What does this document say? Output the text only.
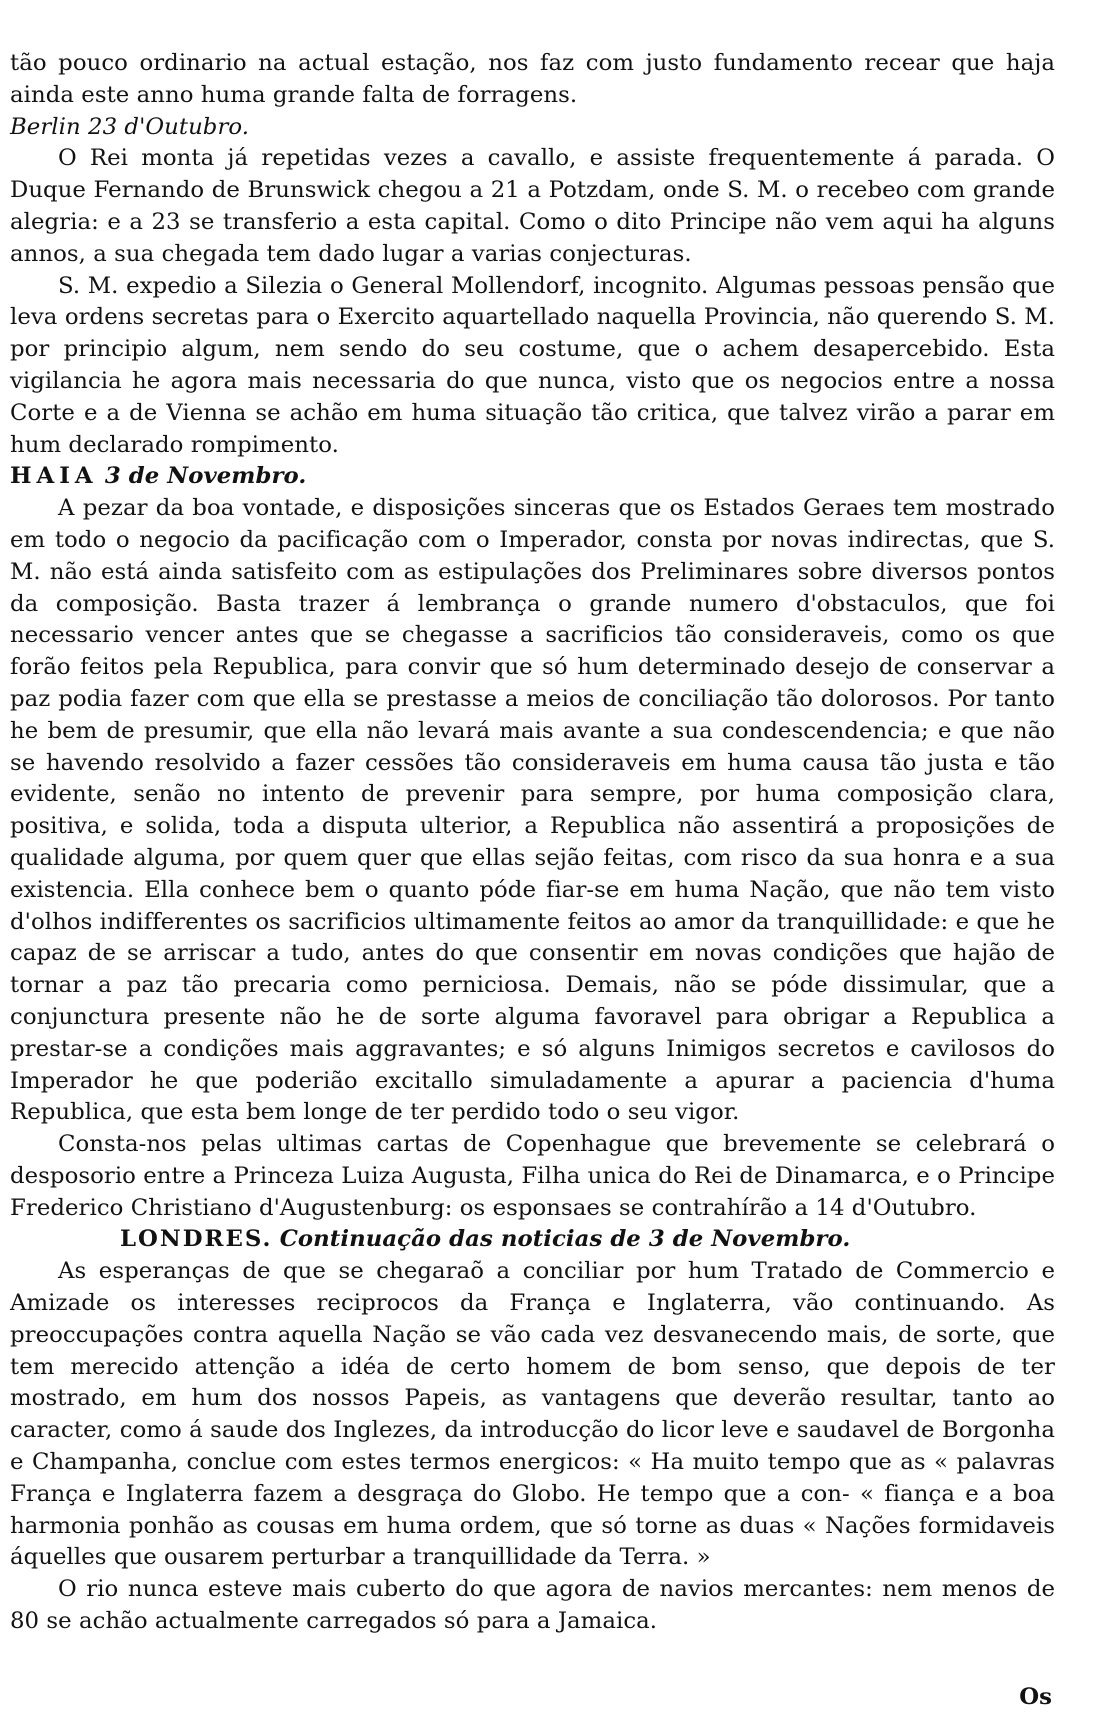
tão pouco ordinario na actual estação, nos faz com justo fundamento recear que haja ainda este anno huma grande falta de forragens.

Berlin 23 d'Outubro.

O Rei monta já repetidas vezes a cavallo, e assiste frequentemente á parada. O Duque Fernando de Brunswick chegou a 21 a Potzdam, onde S. M. o recebeo com grande alegria: e a 23 se transferio a esta capital. Como o dito Principe não vem aqui ha alguns annos, a sua chegada tem dado lugar a varias conjecturas.

S. M. expedio a Silezia o General Mollendorf, incognito. Algumas pessoas pensão que leva ordens secretas para o Exercito aquartellado naquella Provincia, não querendo S. M. por principio algum, nem sendo do seu costume, que o achem desapercebido. Esta vigilancia he agora mais necessaria do que nunca, visto que os negocios entre a nossa Corte e a de Vienna se achão em huma situação tão critica, que talvez virão a parar em hum declarado rompimento.

HAIA 3 de Novembro.

A pezar da boa vontade, e disposições sinceras que os Estados Geraes tem mostrado em todo o negocio da pacificação com o Imperador, consta por novas indirectas, que S. M. não está ainda satisfeito com as estipulações dos Preliminares sobre diversos pontos da composição. Basta trazer á lembrança o grande numero d'obstaculos, que foi necessario vencer antes que se chegasse a sacrificios tão consideraveis, como os que forão feitos pela Republica, para convir que só hum determinado desejo de conservar a paz podia fazer com que ella se prestasse a meios de conciliação tão dolorosos. Por tanto he bem de presumir, que ella não levará mais avante a sua condescendencia; e que não se havendo resolvido a fazer cessões tão consideraveis em huma causa tão justa e tão evidente, senão no intento de prevenir para sempre, por huma composição clara, positiva, e solida, toda a disputa ulterior, a Republica não assentirá a proposições de qualidade alguma, por quem quer que ellas sejão feitas, com risco da sua honra e a sua existencia. Ella conhece bem o quanto póde fiar-se em huma Nação, que não tem visto d'olhos indifferentes os sacrificios ultimamente feitos ao amor da tranquillidade: e que he capaz de se arriscar a tudo, antes do que consentir em novas condições que hajão de tornar a paz tão precaria como perniciosa. Demais, não se póde dissimular, que a conjunctura presente não he de sorte alguma favoravel para obrigar a Republica a prestar-se a condições mais aggravantes; e só alguns Inimigos secretos e cavilosos do Imperador he que poderião excitallo simuladamente a apurar a paciencia d'huma Republica, que esta bem longe de ter perdido todo o seu vigor.

Consta-nos pelas ultimas cartas de Copenhague que brevemente se celebrará o desposorio entre a Princeza Luiza Augusta, Filha unica do Rei de Dinamarca, e o Principe Frederico Christiano d'Augustenburg: os esponsaes se contrahírão a 14 d'Outubro.

LONDRES. Continuação das noticias de 3 de Novembro.

As esperanças de que se chegaraõ a conciliar por hum Tratado de Commercio e Amizade os interesses reciprocos da França e Inglaterra, vão continuando. As preoccupações contra aquella Nação se vão cada vez desvanecendo mais, de sorte, que tem merecido attenção a idéa de certo homem de bom senso, que depois de ter mostrado, em hum dos nossos Papeis, as vantagens que deverão resultar, tanto ao caracter, como á saude dos Inglezes, da introducção do licor leve e saudavel de Borgonha e Champanha, conclue com estes termos energicos: « Ha muito tempo que as « palavras França e Inglaterra fazem a desgraça do Globo. He tempo que a con- « fiança e a boa harmonia ponhão as cousas em huma ordem, que só torne as duas « Nações formidaveis áquelles que ousarem perturbar a tranquillidade da Terra. »

O rio nunca esteve mais cuberto do que agora de navios mercantes: nem menos de 80 se achão actualmente carregados só para a Jamaica.

Os
